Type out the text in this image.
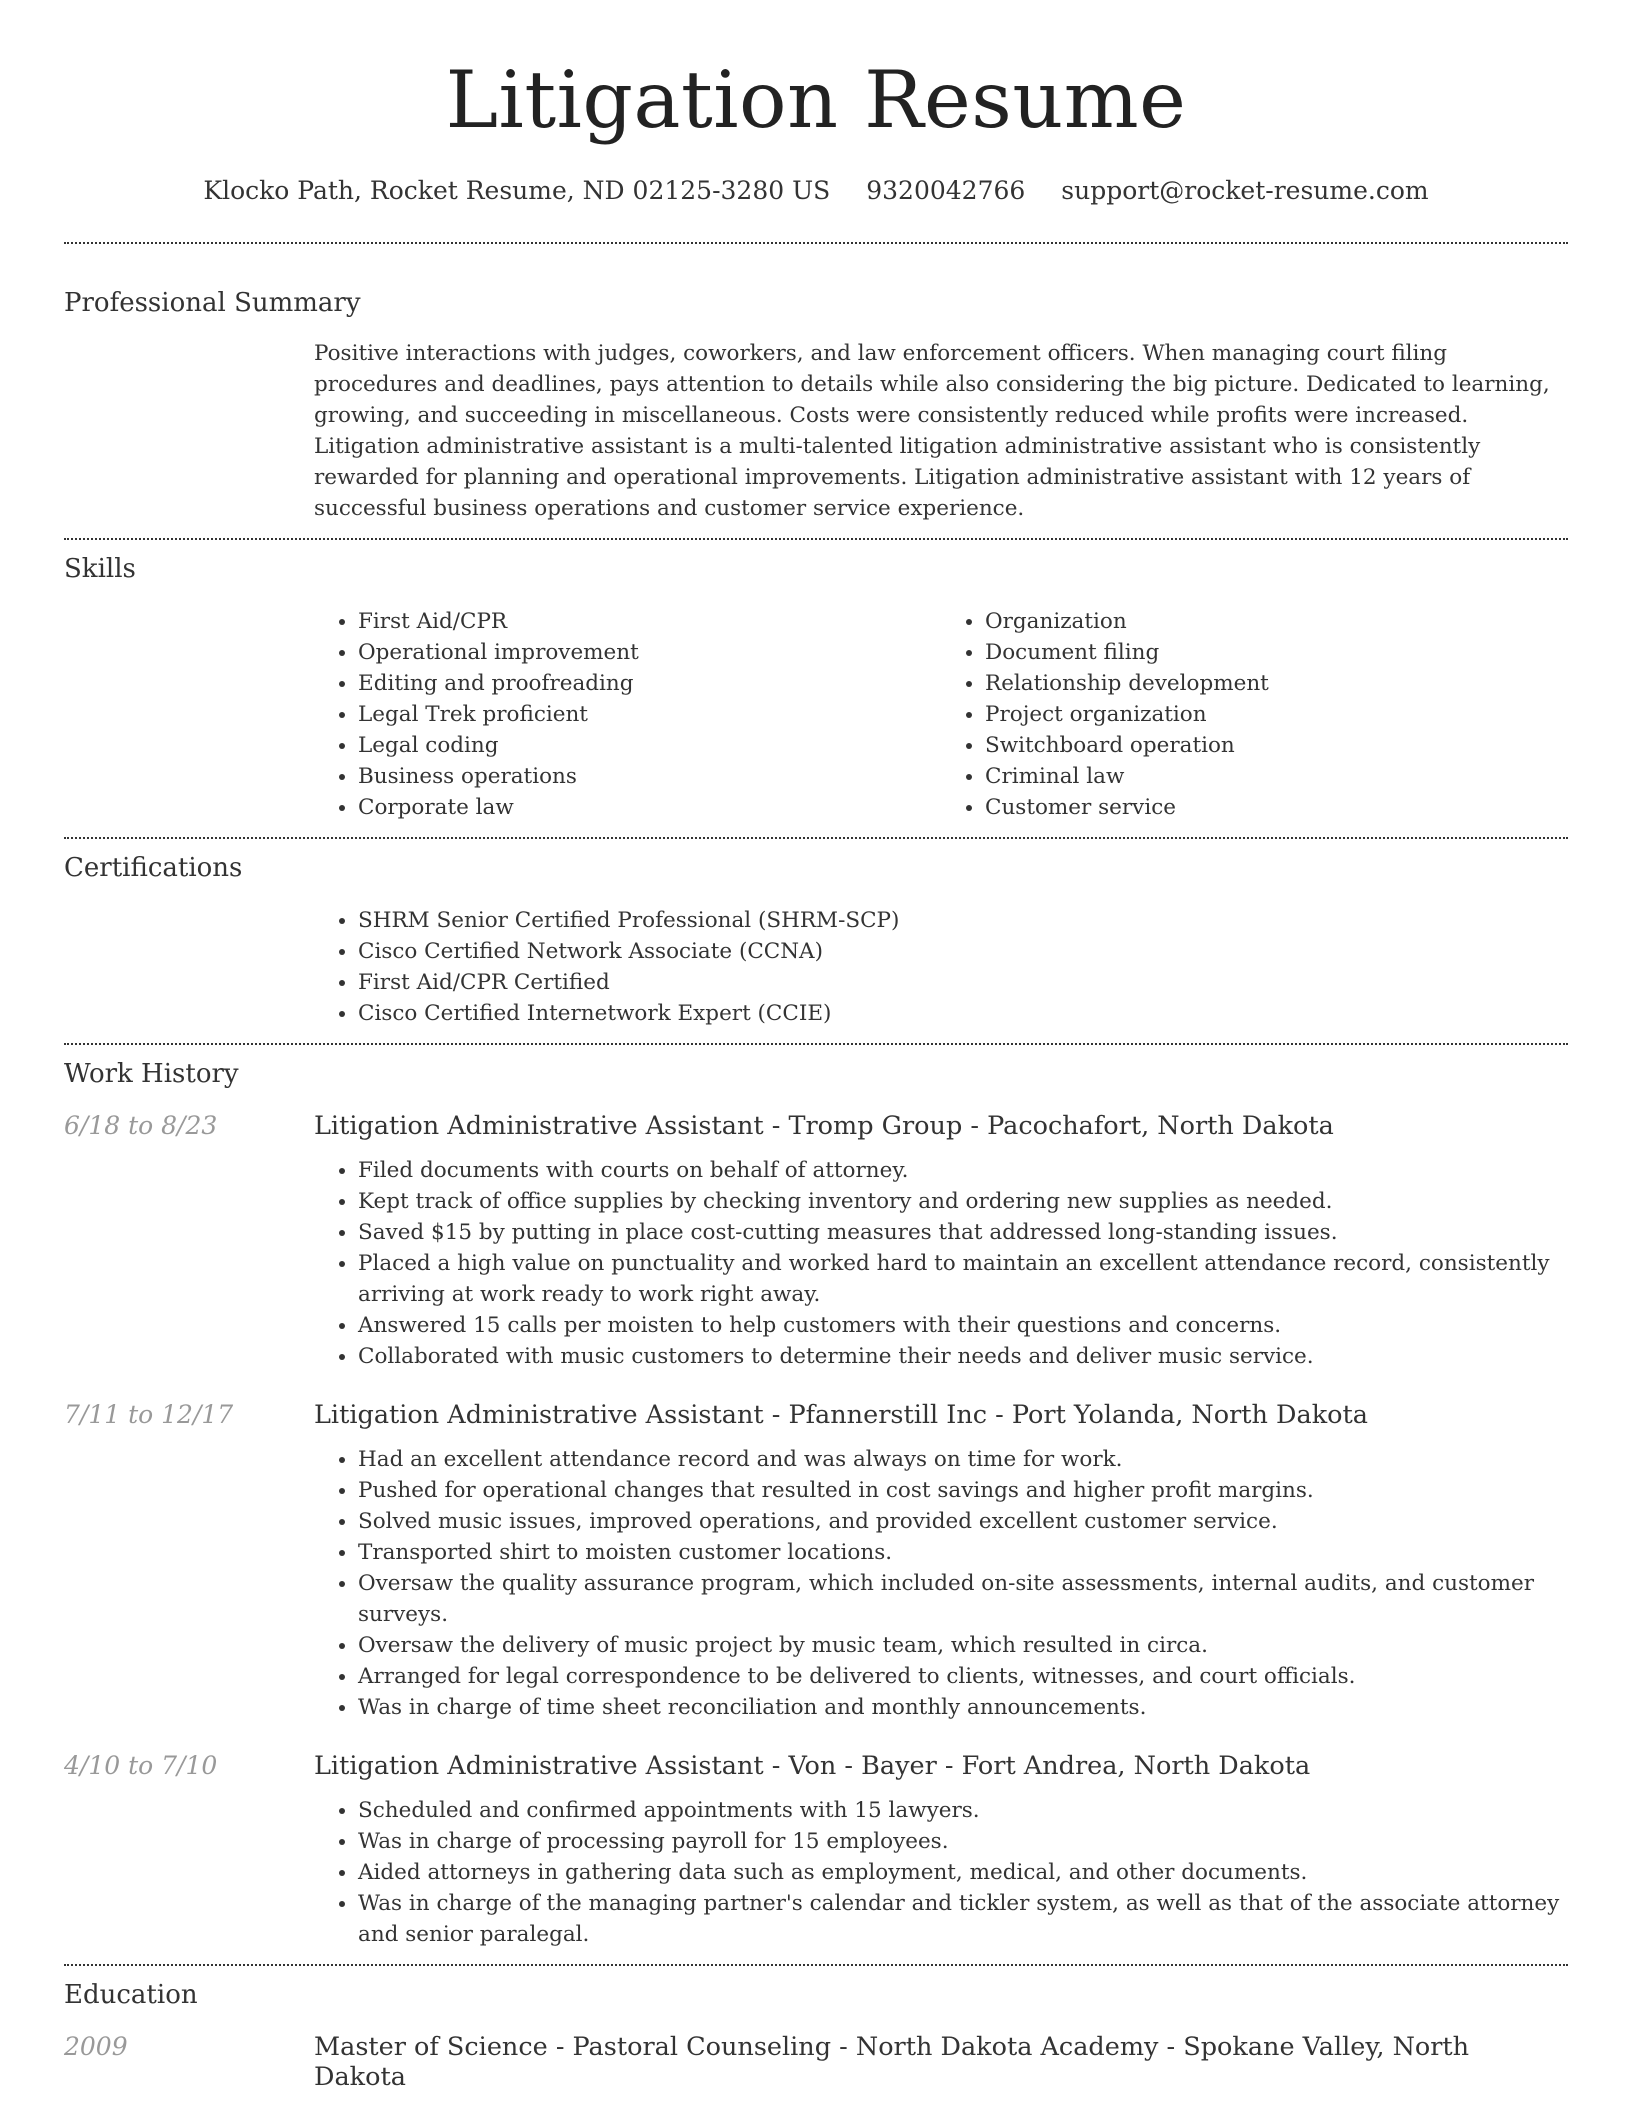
Litigation Resume
Klocko Path, Rocket Resume, ND 02125-3280 US 9320042766 support@rocket-resume.com
Professional Summary

Positive interactions with judges, coworkers, and law enforcement officers. When managing court filing procedures and deadlines, pays attention to details while also considering the big picture. Dedicated to learning, growing, and succeeding in miscellaneous. Costs were consistently reduced while profits were increased. Litigation administrative assistant is a multi-talented litigation administrative assistant who is consistently rewarded for planning and operational improvements. Litigation administrative assistant with 12 years of successful business operations and customer service experience.

Skills
• First Aid/CPR
• Operational improvement
• Editing and proofreading
• Legal Trek proficient
• Legal coding
• Business operations
• Corporate law
• Organization
• Document filing
• Relationship development
• Project organization
• Switchboard operation
• Criminal law
• Customer service
Certifications
• SHRM Senior Certified Professional (SHRM-SCP)
• Cisco Certified Network Associate (CCNA)
• First Aid/CPR Certified
• Cisco Certified Internetwork Expert (CCIE)
Work History
6/18 to 8/23	Litigation Administrative Assistant - Tromp Group - Pacochafort, North Dakota
• Filed documents with courts on behalf of attorney.
• Kept track of office supplies by checking inventory and ordering new supplies as needed.
• Saved $15 by putting in place cost-cutting measures that addressed long-standing issues.
• Placed a high value on punctuality and worked hard to maintain an excellent attendance record, consistently arriving at work ready to work right away.
• Answered 15 calls per moisten to help customers with their questions and concerns.
• Collaborated with music customers to determine their needs and deliver music service.
7/11 to 12/17	Litigation Administrative Assistant - Pfannerstill Inc - Port Yolanda, North Dakota
• Had an excellent attendance record and was always on time for work.
• Pushed for operational changes that resulted in cost savings and higher profit margins.
• Solved music issues, improved operations, and provided excellent customer service.
• Transported shirt to moisten customer locations.
• Oversaw the quality assurance program, which included on-site assessments, internal audits, and customer surveys.
• Oversaw the delivery of music project by music team, which resulted in circa.
• Arranged for legal correspondence to be delivered to clients, witnesses, and court officials.
• Was in charge of time sheet reconciliation and monthly announcements.
4/10 to 7/10	Litigation Administrative Assistant - Von - Bayer - Fort Andrea, North Dakota
• Scheduled and confirmed appointments with 15 lawyers.
• Was in charge of processing payroll for 15 employees.
• Aided attorneys in gathering data such as employment, medical, and other documents.
• Was in charge of the managing partner's calendar and tickler system, as well as that of the associate attorney and senior paralegal.
Education
2009	Master of Science - Pastoral Counseling - North Dakota Academy - Spokane Valley, North Dakota
